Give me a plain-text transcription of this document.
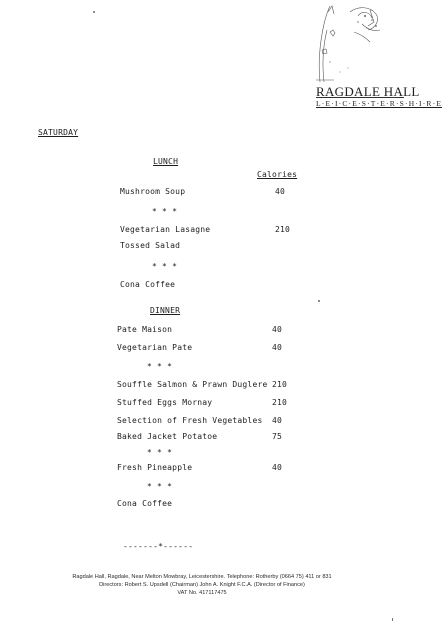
RAGDALE HALL
L·E·I·C·E·S·T·E·R·S·H·I·R·E
SATURDAY
LUNCH
Calories
DINNER
Mushroom Soup	40
* * *
Vegetarian Lasagne	210
Tossed Salad
* * *
Cona Coffee
Pate Maison	40
Vegetarian Pate	40
* * *
Souffle Salmon & Prawn Duglere 210
Stuffed Eggs Mornay	210
Selection of Fresh Vegetables 40
Baked Jacket Potatoe	75
* * *
Fresh Pineapple	40
* * *
Cona Coffee
-------*------
Ragdale Hall, Ragdale, Near Melton Mowbray, Leicestershire. Telephone: Rotherby (0664 75) 411 or 831
Directors: Robert S. Upsdell (Chairman) John A. Knight F.C.A. (Director of Finance)
VAT No. 417117475
